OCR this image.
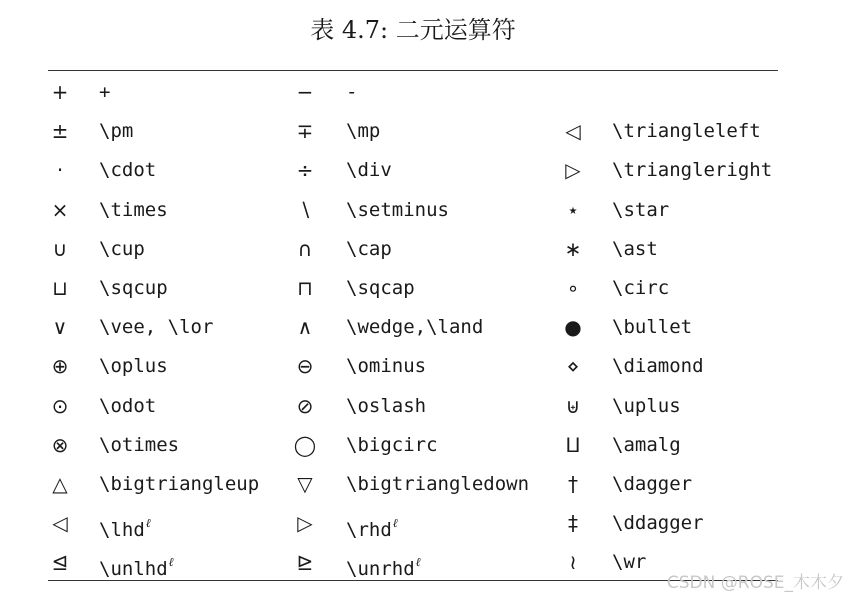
表 4.7: 二元运算符
+ +	− -
± \pm	∓ \mp	◁	\triangleleft
·	\cdot	÷ \div	▷	\triangleright
× \times	∖	\setminus	⋆	\star
∪	\cup	∩	\cap	∗ \ast
⊔	\sqcup	⊓	\sqcap	∘	\circ
∨	\vee, \lor	∧	\wedge,\land	● \bullet
⊕ \oplus	⊖ \ominus	⋄	\diamond
⊙ \odot	⊘ \oslash	⊎	\uplus
⊗ \otimes	◯ \bigcirc	⨿	\amalg
△	\bigtriangleup	▽	\bigtriangledown	†	\dagger
◁	\lhd$^\ell$	▷	\rhd$^\ell$	‡	\ddagger
⊴ \unlhd$^\ell$	⊵ \unrhd$^\ell$	≀	\wr
CSDN @ROSE_木木夕
